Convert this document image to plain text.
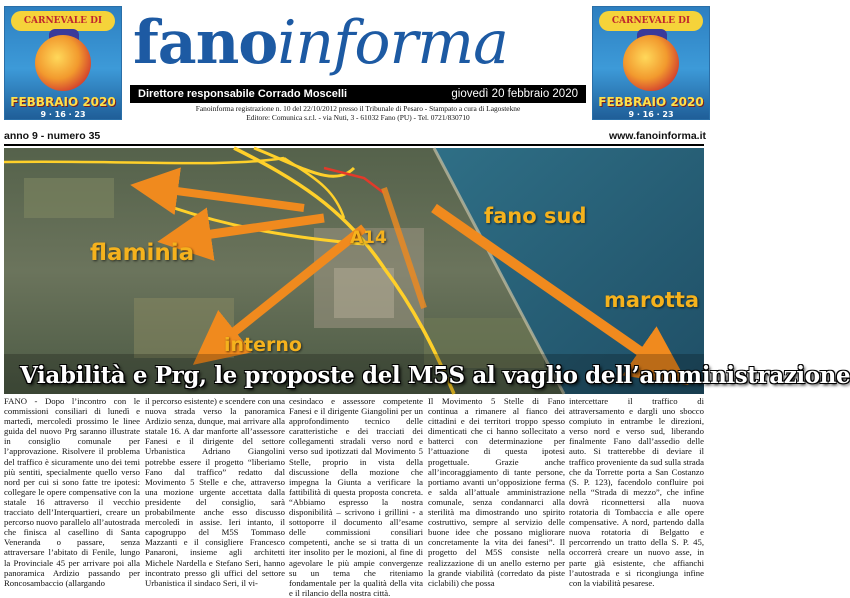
CARNEVALE DI
FEBBRAIO 2020
9 · 16 · 23
CARNEVALE DI
FEBBRAIO 2020
9 · 16 · 23
fanoinforma
Direttore responsabile Corrado Moscelli	giovedì 20 febbraio 2020
Fanoinforma registrazione n. 10 del 22/10/2012 presso il Tribunale di Pesaro - Stampato a cura di Lagostekne
Editore: Comunica s.r.l. - via Nuti, 3 - 61032 Fano (PU) - Tel. 0721/830710
anno 9 - numero 35	www.fanoinforma.it
flaminia
A14
fano sud
marotta
interno
Viabilità e Prg, le proposte del M5S al vaglio dell’amministrazione
FANO - Dopo l’incontro con le commissioni consiliari di lunedì e martedì, mercoledì prossimo le linee guida del nuovo Prg saranno illustrate in consiglio comunale per l’approvazione. Risolvere il problema del traffico è sicuramente uno dei temi più sentiti, specialmente quello verso nord per cui si sono fatte tre ipotesi: collegare le opere compensative con la statale 16 attraverso il vecchio tracciato dell’Interquartieri, creare un percorso nuovo parallelo all’autostrada che finisca al casellino di Santa Veneranda o passare, senza attraversare l’abitato di Fenile, lungo la Provinciale 45 per arrivare poi alla panoramica Ardizio passando per Roncosambaccio (allargando
il percorso esistente) e scendere con una nuova strada verso la panoramica Ardizio senza, dunque, mai arrivare alla statale 16. A dar manforte all’assessore Fanesi e il dirigente del settore Urbanistica Adriano Giangolini potrebbe essere il progetto “liberiamo Fano dal traffico” redatto dal Movimento 5 Stelle e che, attraverso una mozione urgente accettata dalla presidente del consiglio, sarà probabilmente anche esso discusso mercoledì in assise. Ieri intanto, il capogruppo del M5S Tommaso Mazzanti e il consigliere Francesco Panaroni, insieme agli architetti Michele Nardella e Stefano Seri, hanno incontrato presso gli uffici del settore Urbanistica il sindaco Seri, il vi-
cesindaco e assessore competente Fanesi e il dirigente Giangolini per un approfondimento tecnico delle caratteristiche e dei tracciati dei collegamenti stradali verso nord e verso sud ipotizzati dal Movimento 5 Stelle, proprio in vista della discussione della mozione che impegna la Giunta a verificare la fattibilità di questa proposta concreta. “Abbiamo espresso la nostra disponibilità – scrivono i grillini - a sottoporre il documento all’esame delle commissioni consiliari competenti, anche se si tratta di un iter insolito per le mozioni, al fine di agevolare le più ampie convergenze su un tema che riteniamo fondamentale per la qualità della vita e il rilancio della nostra città.
Il Movimento 5 Stelle di Fano continua a rimanere al fianco dei cittadini e dei territori troppo spesso dimenticati che ci hanno sollecitato a batterci con determinazione per l’attuazione di questa ipotesi progettuale. Grazie anche all’incoraggiamento di tante persone, portiamo avanti un’opposizione ferma e salda all’attuale amministrazione comunale, senza condannarci alla sterilità ma dimostrando uno spirito costruttivo, sempre al servizio delle buone idee che possano migliorare concretamente la vita dei fanesi”. Il progetto del M5S consiste nella realizzazione di un anello esterno per la grande viabilità (corredato da piste ciclabili) che possa
intercettare il traffico di attraversamento e dargli uno sbocco compiuto in entrambe le direzioni, verso nord e verso sud, liberando finalmente Fano dall’assedio delle auto. Si tratterebbe di deviare il traffico proveniente da sud sulla strada che da Torrette porta a San Costanzo (S. P. 123), facendolo confluire poi nella “Strada di mezzo”, che infine dovrà riconnettersi alla nuova rotatoria di Tombaccia e alle opere compensative. A nord, partendo dalla nuova rotatoria di Belgatto e percorrendo un tratto della S. P. 45, occorrerà creare un nuovo asse, in parte già esistente, che affianchi l’autostrada e si ricongiunga infine con la viabilità pesarese.
